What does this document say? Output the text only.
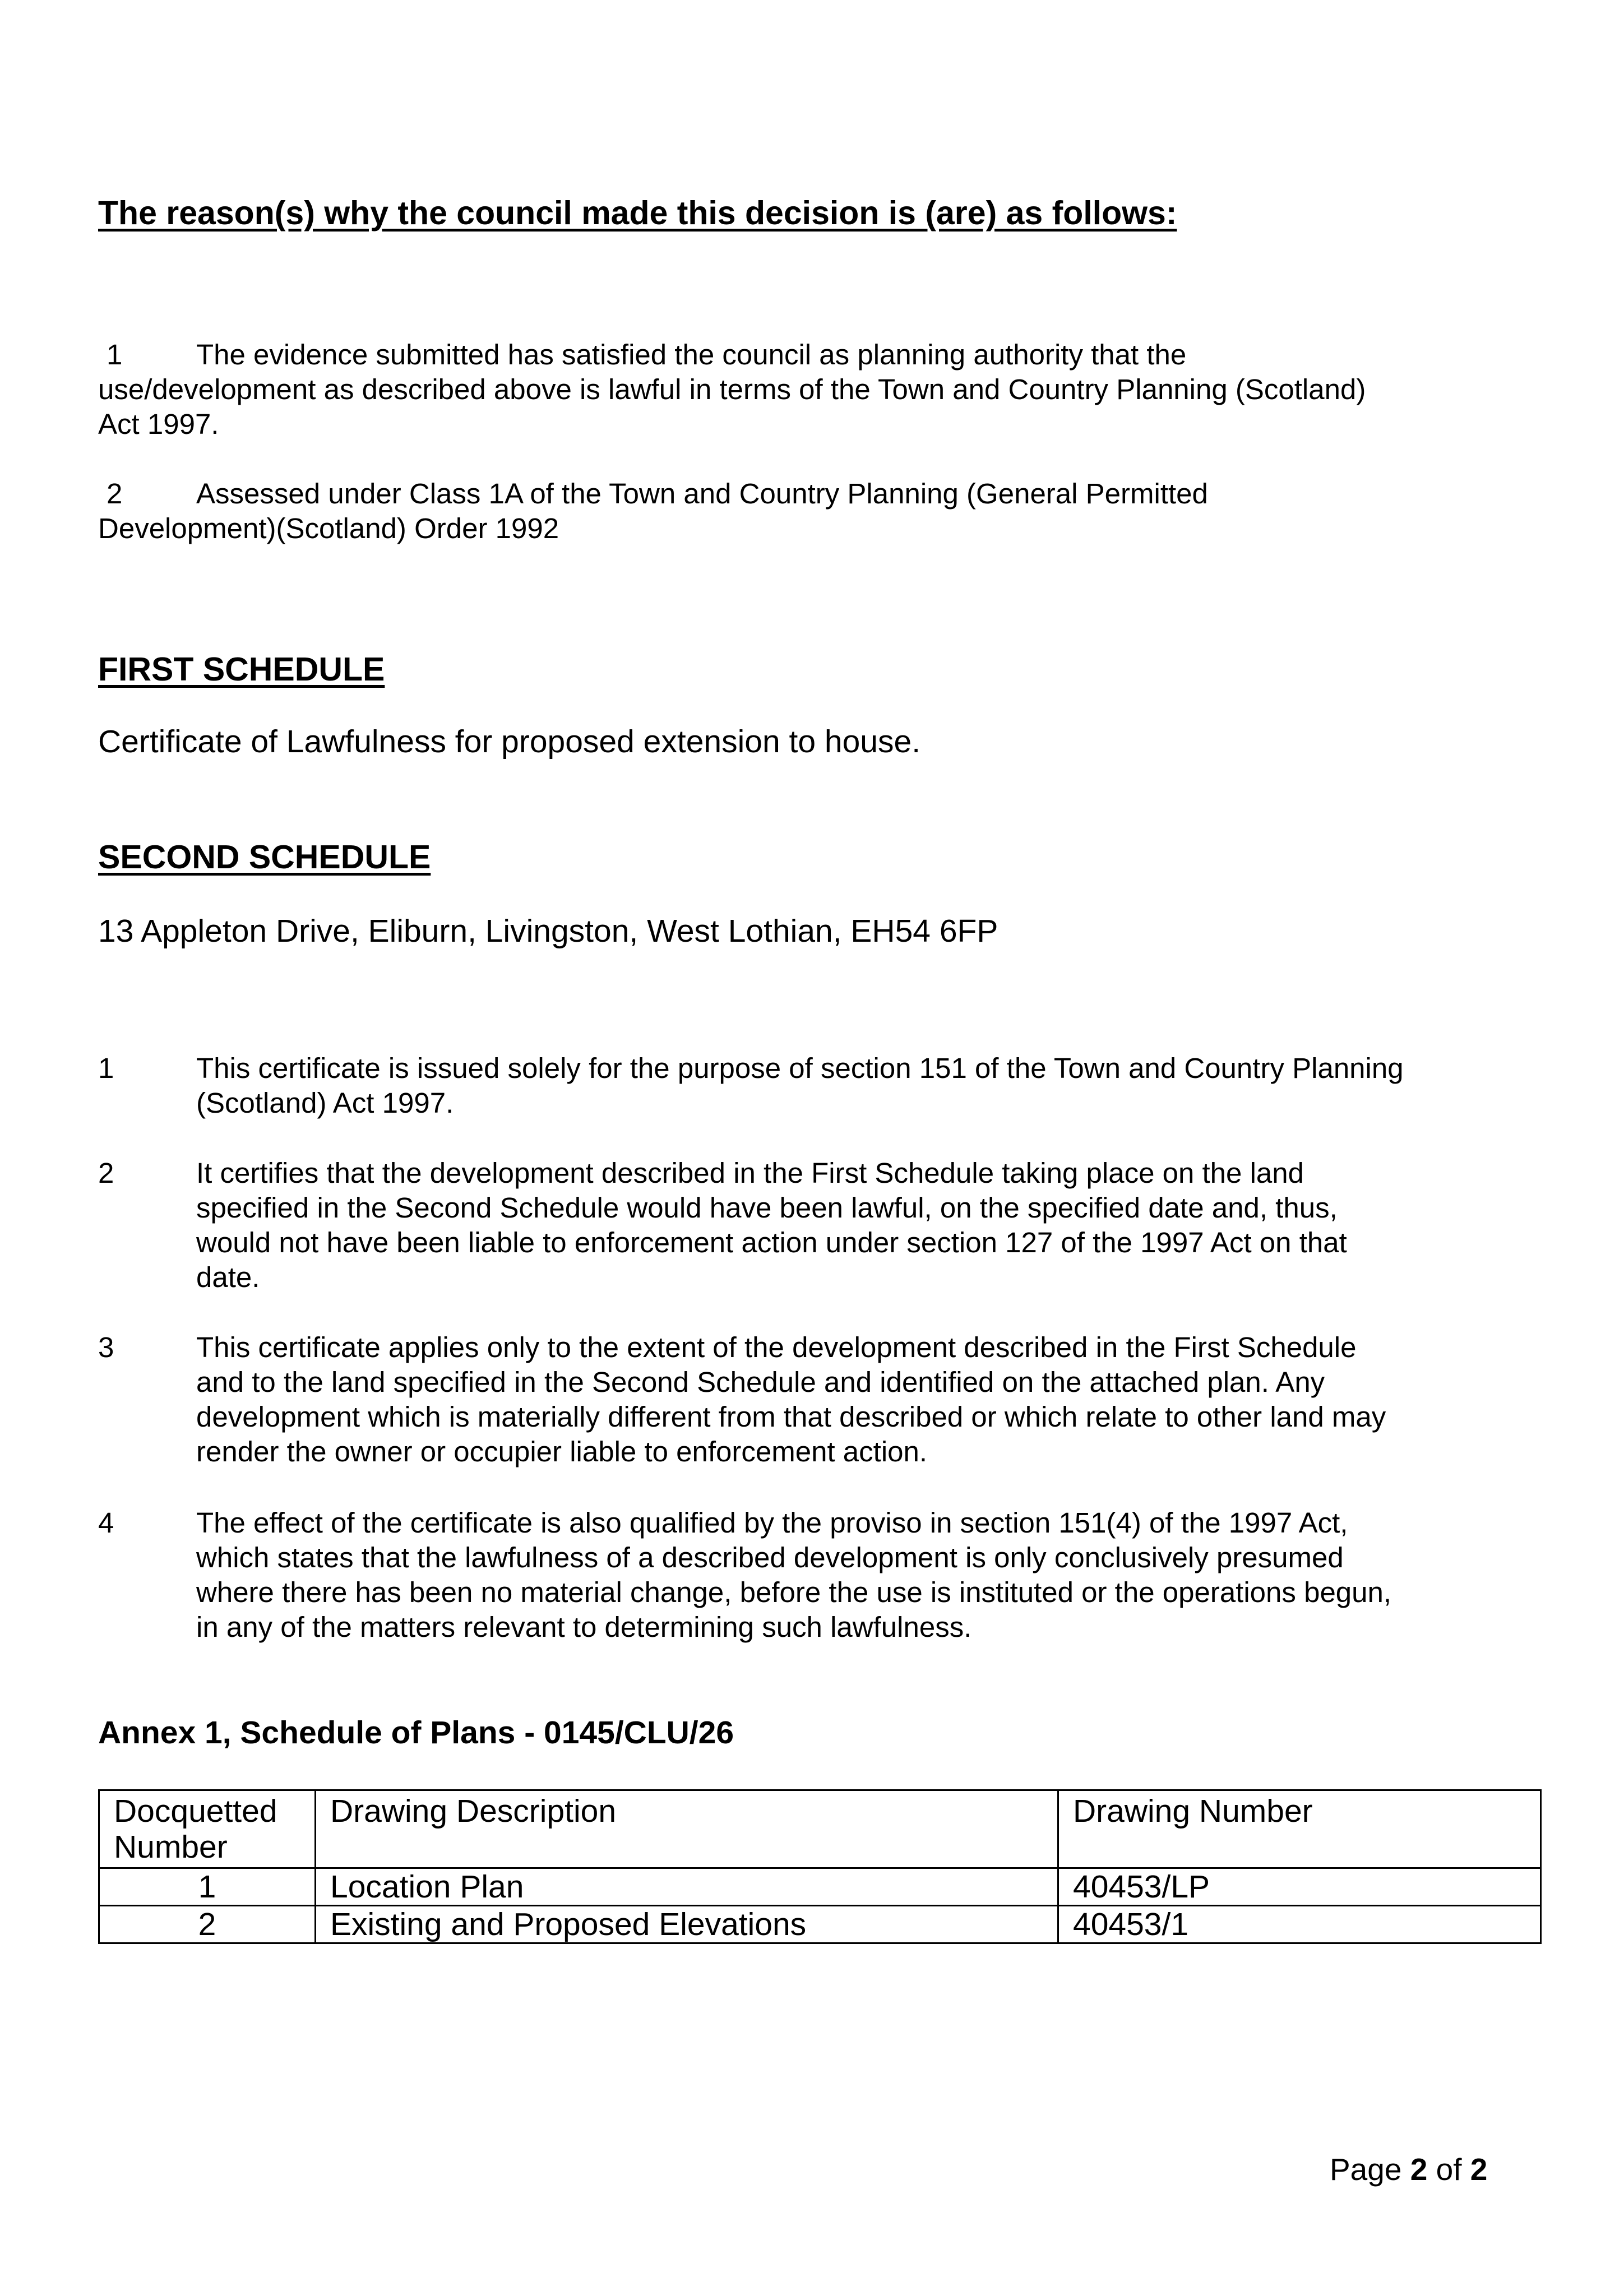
The reason(s) why the council made this decision is (are) as follows:
1	The evidence submitted has satisfied the council as planning authority that the
use/development as described above is lawful in terms of the Town and Country Planning (Scotland)
Act 1997.
2	Assessed under Class 1A of the Town and Country Planning (General Permitted
Development)(Scotland) Order 1992
FIRST SCHEDULE
Certificate of Lawfulness for proposed extension to house.
SECOND SCHEDULE
13 Appleton Drive, Eliburn, Livingston, West Lothian, EH54 6FP
1	This certificate is issued solely for the purpose of section 151 of the Town and Country Planning
(Scotland) Act 1997.
2	It certifies that the development described in the First Schedule taking place on the land
specified in the Second Schedule would have been lawful, on the specified date and, thus,
would not have been liable to enforcement action under section 127 of the 1997 Act on that
date.
3	This certificate applies only to the extent of the development described in the First Schedule
and to the land specified in the Second Schedule and identified on the attached plan. Any
development which is materially different from that described or which relate to other land may
render the owner or occupier liable to enforcement action.
4	The effect of the certificate is also qualified by the proviso in section 151(4) of the 1997 Act,
which states that the lawfulness of a described development is only conclusively presumed
where there has been no material change, before the use is instituted or the operations begun,
in any of the matters relevant to determining such lawfulness.
Annex 1, Schedule of Plans - 0145/CLU/26
Docquetted
Number	Drawing Description	Drawing Number
1	Location Plan	40453/LP
2	Existing and Proposed Elevations	40453/1
Page 2 of 2
